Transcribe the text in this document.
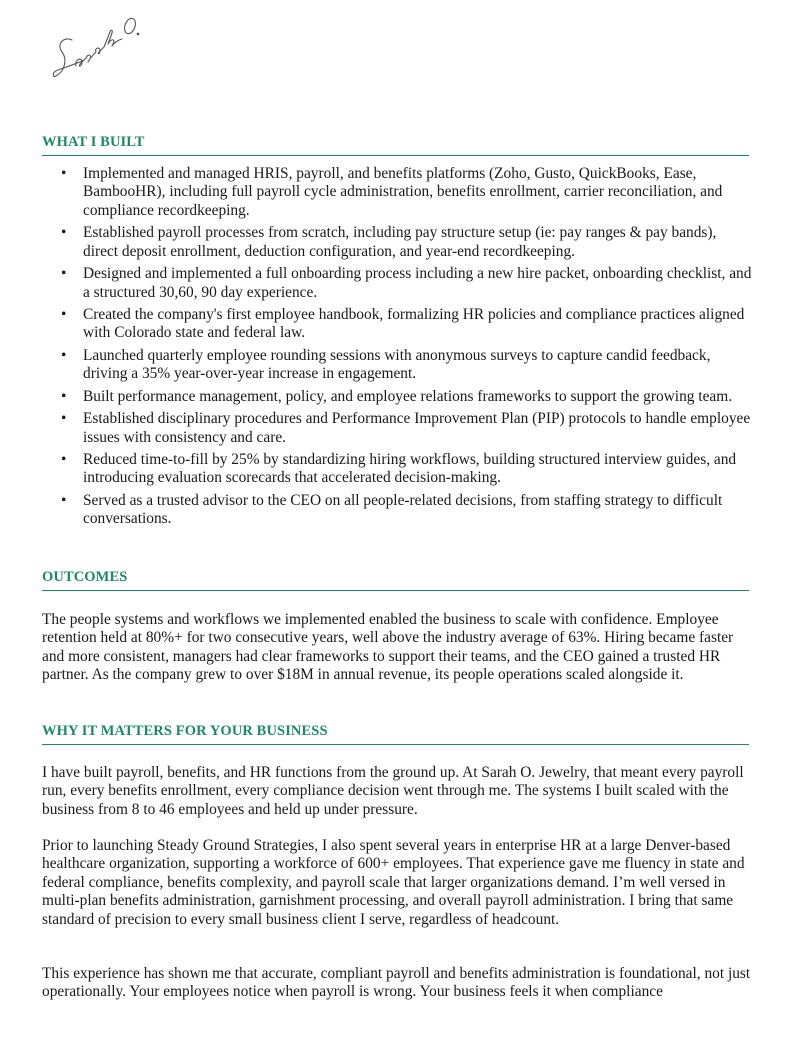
WHAT I BUILT
• Implemented and managed HRIS, payroll, and benefits platforms (Zoho, Gusto, QuickBooks, Ease, BambooHR), including full payroll cycle administration, benefits enrollment, carrier reconciliation, and compliance recordkeeping.
• Established payroll processes from scratch, including pay structure setup (ie: pay ranges & pay bands), direct deposit enrollment, deduction configuration, and year-end recordkeeping.
• Designed and implemented a full onboarding process including a new hire packet, onboarding checklist, and a structured 30,60, 90 day experience.
• Created the company's first employee handbook, formalizing HR policies and compliance practices aligned with Colorado state and federal law.
• Launched quarterly employee rounding sessions with anonymous surveys to capture candid feedback, driving a 35% year-over-year increase in engagement.
• Built performance management, policy, and employee relations frameworks to support the growing team.
• Established disciplinary procedures and Performance Improvement Plan (PIP) protocols to handle employee issues with consistency and care.
• Reduced time-to-fill by 25% by standardizing hiring workflows, building structured interview guides, and introducing evaluation scorecards that accelerated decision-making.
• Served as a trusted advisor to the CEO on all people-related decisions, from staffing strategy to difficult conversations.
OUTCOMES

The people systems and workflows we implemented enabled the business to scale with confidence. Employee retention held at 80%+ for two consecutive years, well above the industry average of 63%. Hiring became faster and more consistent, managers had clear frameworks to support their teams, and the CEO gained a trusted HR partner. As the company grew to over $18M in annual revenue, its people operations scaled alongside it.

WHY IT MATTERS FOR YOUR BUSINESS

I have built payroll, benefits, and HR functions from the ground up. At Sarah O. Jewelry, that meant every payroll run, every benefits enrollment, every compliance decision went through me. The systems I built scaled with the business from 8 to 46 employees and held up under pressure.

Prior to launching Steady Ground Strategies, I also spent several years in enterprise HR at a large Denver-based healthcare organization, supporting a workforce of 600+ employees. That experience gave me fluency in state and federal compliance, benefits complexity, and payroll scale that larger organizations demand. I’m well versed in multi-plan benefits administration, garnishment processing, and overall payroll administration. I bring that same standard of precision to every small business client I serve, regardless of headcount.

This experience has shown me that accurate, compliant payroll and benefits administration is foundational, not just operationally. Your employees notice when payroll is wrong. Your business feels it when compliance
